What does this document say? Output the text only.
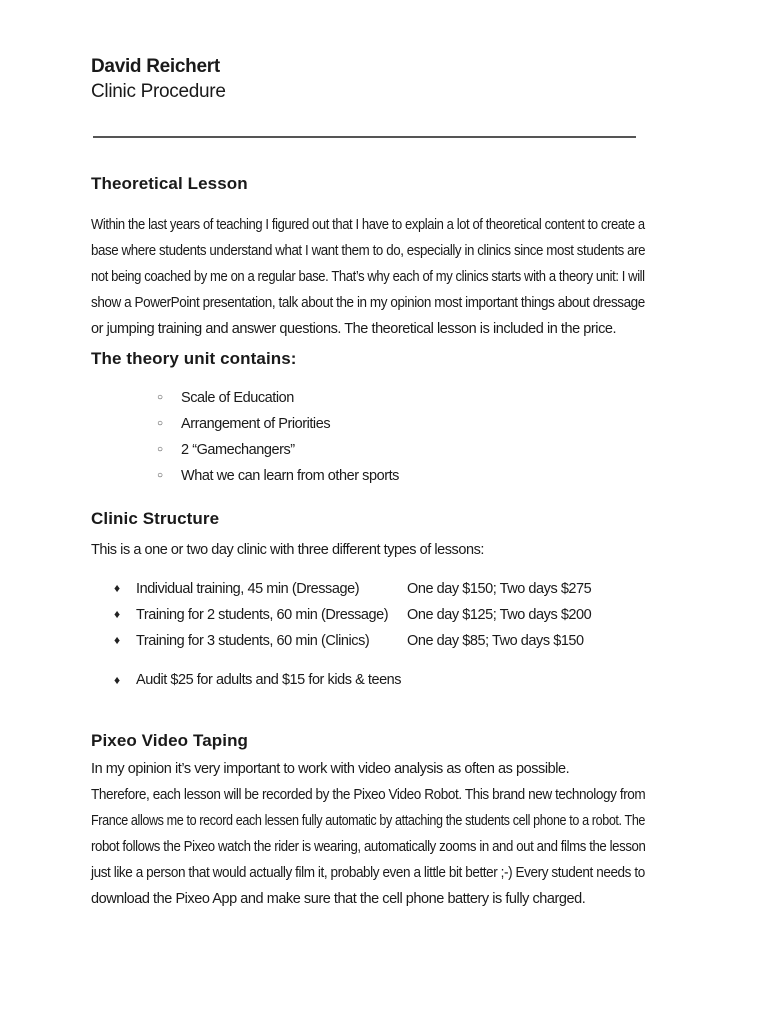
David Reichert
Clinic Procedure
Theoretical Lesson
Within the last years of teaching I figured out that I have to explain a lot of theoretical content to create a
base where students understand what I want them to do, especially in clinics since most students are
not being coached by me on a regular base. That’s why each of my clinics starts with a theory unit: I will
show a PowerPoint presentation, talk about the in my opinion most important things about dressage
or jumping training and answer questions. The theoretical lesson is included in the price.
The theory unit contains:
○ Scale of Education
○ Arrangement of Priorities
○ 2 “Gamechangers”
○ What we can learn from other sports
Clinic Structure
This is a one or two day clinic with three different types of lessons:
♦ Individual training, 45 min (Dressage)	One day $150; Two days $275
♦ Training for 2 students, 60 min (Dressage) One day $125; Two days $200
♦ Training for 3 students, 60 min (Clinics)	One day $85; Two days $150
♦ Audit $25 for adults and $15 for kids & teens
Pixeo Video Taping
In my opinion it’s very important to work with video analysis as often as possible.
Therefore, each lesson will be recorded by the Pixeo Video Robot. This brand new technology from
France allows me to record each lessen fully automatic by attaching the students cell phone to a robot. The
robot follows the Pixeo watch the rider is wearing, automatically zooms in and out and films the lesson
just like a person that would actually film it, probably even a little bit better ;-) Every student needs to
download the Pixeo App and make sure that the cell phone battery is fully charged.
